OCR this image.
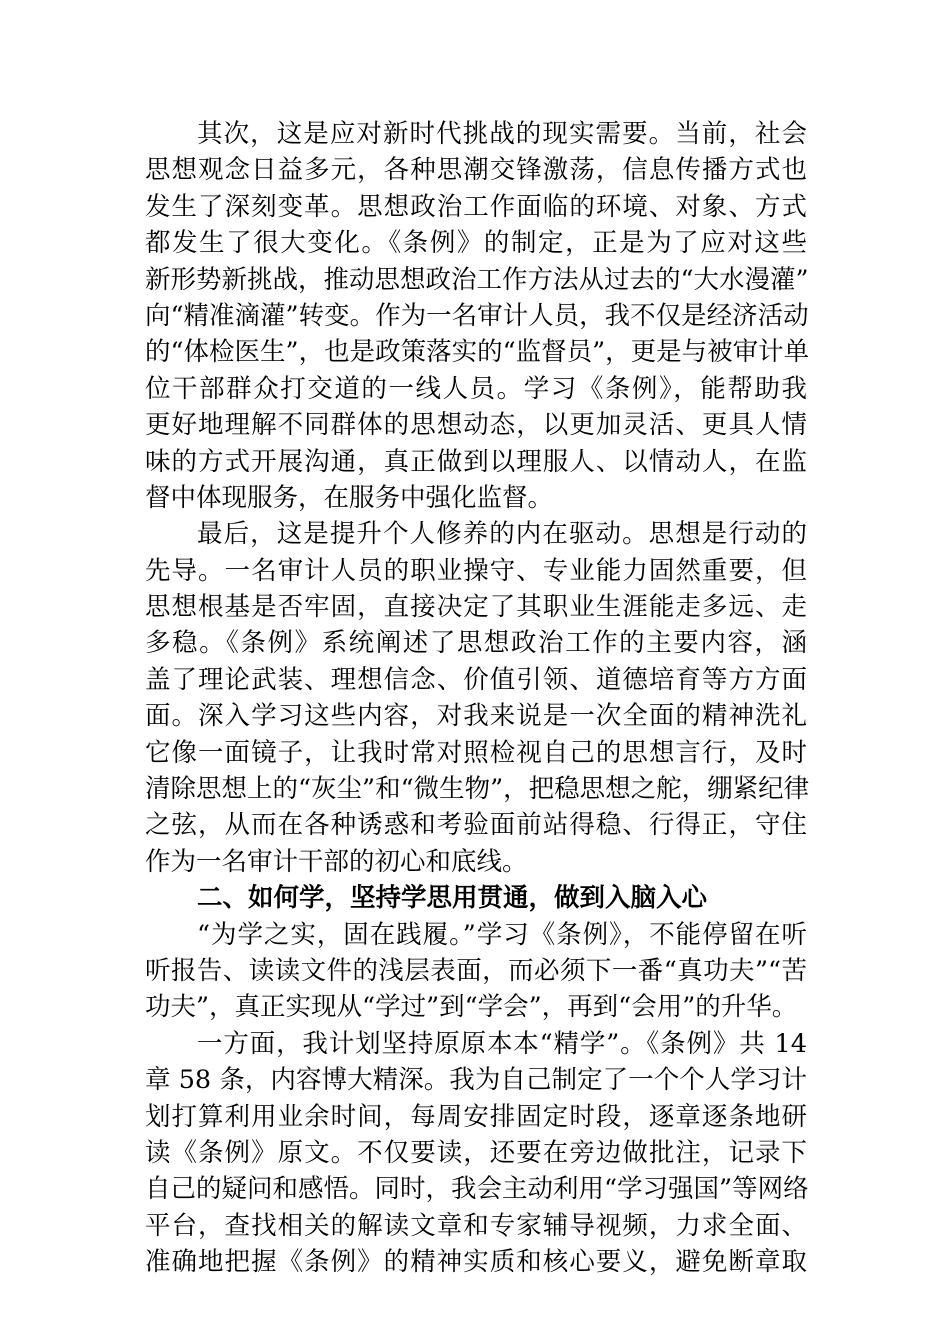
其次，这是应对新时代挑战的现实需要。当前，社会
思想观念日益多元，各种思潮交锋激荡，信息传播方式也
发生了深刻变革。思想政治工作面临的环境、对象、方式
都发生了很大变化。《条例》的制定，正是为了应对这些
新形势新挑战，推动思想政治工作方法从过去的“大水漫灌”
向“精准滴灌”转变。作为一名审计人员，我不仅是经济活动
的“体检医生”，也是政策落实的“监督员”，更是与被审计单
位干部群众打交道的一线人员。学习《条例》，能帮助我
更好地理解不同群体的思想动态，以更加灵活、更具人情
味的方式开展沟通，真正做到以理服人、以情动人，在监
督中体现服务，在服务中强化监督。
最后，这是提升个人修养的内在驱动。思想是行动的
先导。一名审计人员的职业操守、专业能力固然重要，但
思想根基是否牢固，直接决定了其职业生涯能走多远、走
多稳。《条例》系统阐述了思想政治工作的主要内容，涵
盖了理论武装、理想信念、价值引领、道德培育等方方面
面。深入学习这些内容，对我来说是一次全面的精神洗礼
它像一面镜子，让我时常对照检视自己的思想言行，及时
清除思想上的“灰尘”和“微生物”，把稳思想之舵，绷紧纪律
之弦，从而在各种诱惑和考验面前站得稳、行得正，守住
作为一名审计干部的初心和底线。
二、如何学，坚持学思用贯通，做到入脑入心
“为学之实，固在践履。”学习《条例》，不能停留在听
听报告、读读文件的浅层表面，而必须下一番“真功夫”“苦
功夫”，真正实现从“学过”到“学会”，再到“会用”的升华。
一方面，我计划坚持原原本本“精学”。《条例》共 14
章 58 条，内容博大精深。我为自己制定了一个个人学习计
划打算利用业余时间，每周安排固定时段，逐章逐条地研
读《条例》原文。不仅要读，还要在旁边做批注，记录下
自己的疑问和感悟。同时，我会主动利用“学习强国”等网络
平台，查找相关的解读文章和专家辅导视频，力求全面、
准确地把握《条例》的精神实质和核心要义，避免断章取
